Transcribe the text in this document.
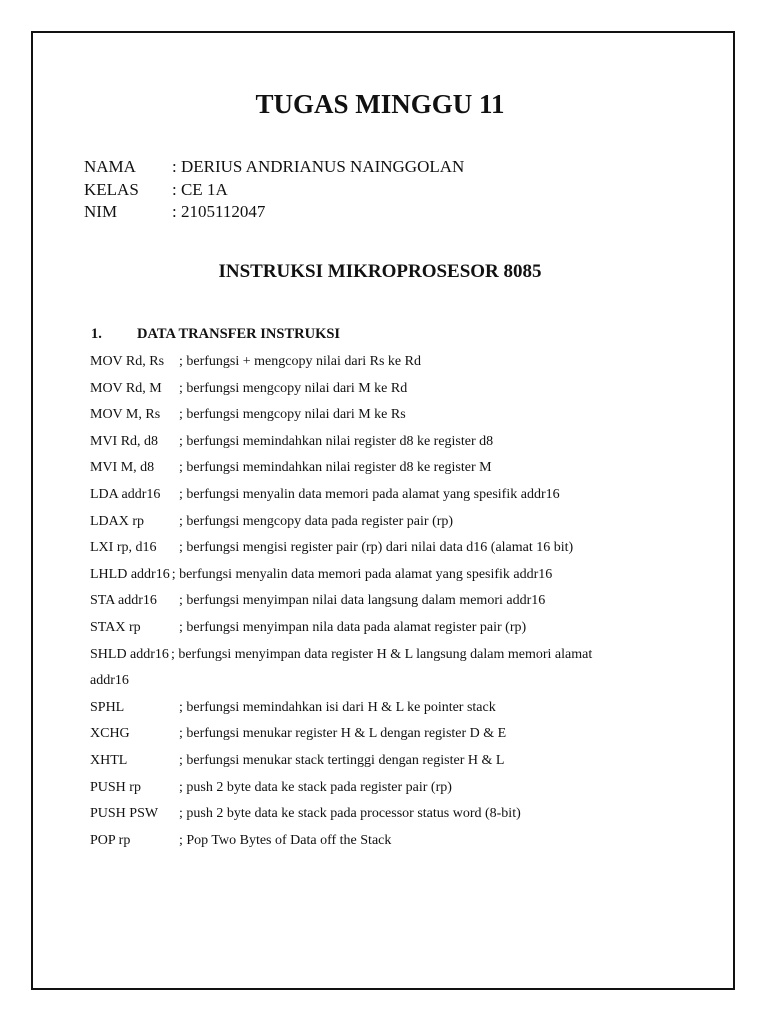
TUGAS MINGGU 11
NAMA	: DERIUS ANDRIANUS NAINGGOLAN
KELAS	: CE 1A
NIM	: 2105112047
INSTRUKSI MIKROPROSESOR 8085
1.	DATA TRANSFER INSTRUKSI
MOV Rd, Rs	; berfungsi + mengcopy nilai dari Rs ke Rd
MOV Rd, M	; berfungsi mengcopy nilai dari M ke Rd
MOV M, Rs	; berfungsi mengcopy nilai dari M ke Rs
MVI Rd, d8	; berfungsi memindahkan nilai register d8 ke register d8
MVI M, d8	; berfungsi memindahkan nilai register d8 ke register M
LDA addr16	; berfungsi menyalin data memori pada alamat yang spesifik addr16
LDAX rp	; berfungsi mengcopy data pada register pair (rp)
LXI rp, d16	; berfungsi mengisi register pair (rp) dari nilai data d16 (alamat 16 bit)
LHLD addr16 ; berfungsi menyalin data memori pada alamat yang spesifik addr16
STA addr16	; berfungsi menyimpan nilai data langsung dalam memori addr16
STAX rp	; berfungsi menyimpan nila data pada alamat register pair (rp)
SHLD addr16 ; berfungsi menyimpan data register H & L langsung dalam memori alamat
addr16
SPHL	; berfungsi memindahkan isi dari H & L ke pointer stack
XCHG	; berfungsi menukar register H & L dengan register D & E
XHTL	; berfungsi menukar stack tertinggi dengan register H & L
PUSH rp	; push 2 byte data ke stack pada register pair (rp)
PUSH PSW	; push 2 byte data ke stack pada processor status word (8-bit)
POP rp	; Pop Two Bytes of Data off the Stack
